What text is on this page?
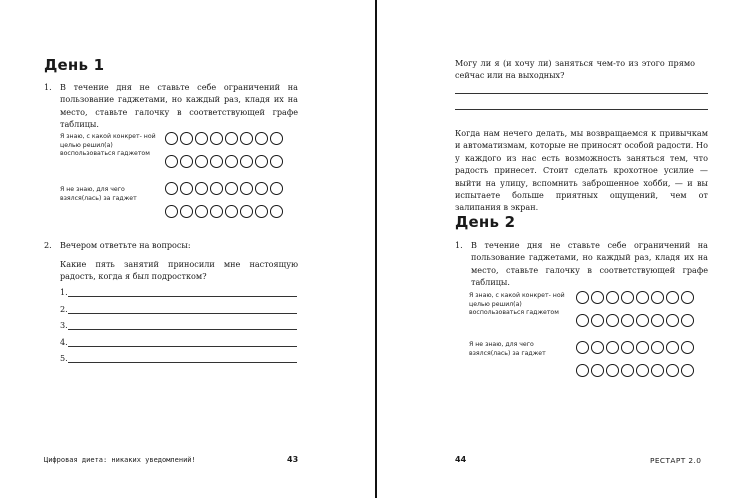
День 1
1.	В течение дня не ставьте себе ограничений на пользование гаджетами, но каждый раз, кладя их на место, ставьте галочку в соответствующей графе таблицы.
Я знаю, с какой конкрет- ной целью решил(а) воспользоваться гаджетом
Я не знаю, для чего взялся(лась) за гаджет
2.	Вечером ответьте на вопросы:
Какие пять занятий приносили мне настоящую радость, когда я был подростком?
1.
2.
3.
4.
5.
Цифровая диета: никаких уведомлений!	43
Могу ли я (и хочу ли) заняться чем-то из этого прямо сейчас или на выходных?
Когда нам нечего делать, мы возвращаемся к привычкам и автоматизмам, которые не приносят особой радости. Но у каждого из нас есть возможность заняться тем, что радость принесет. Стоит сделать крохотное усилие — выйти на улицу, вспомнить заброшенное хобби, — и вы испытаете больше приятных ощущений, чем от залипания в экран.
День 2
1.	В течение дня не ставьте себе ограничений на пользование гаджетами, но каждый раз, кладя их на место, ставьте галочку в соответствующей графе таблицы.
Я знаю, с какой конкрет- ной целью решил(а) воспользоваться гаджетом
Я не знаю, для чего взялся(лась) за гаджет
44	РЕСТАРТ 2.0
